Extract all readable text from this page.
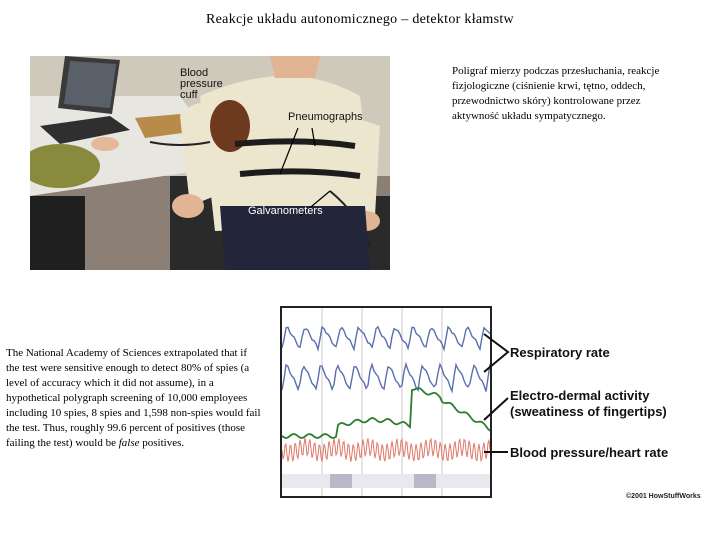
Reakcje układu autonomicznego – detektor kłamstw
Blood pressure cuff
Pneumographs
Galvanometers
Poligraf mierzy podczas przesłuchania, reakcje fizjologiczne (ciśnienie krwi, tętno, oddech, przewodnictwo skóry) kontrolowane przez aktywność układu sympatycznego.
The National Academy of Sciences extrapolated that if the test were sensitive enough to detect 80% of spies (a level of accuracy which it did not assume), in a hypothetical polygraph screening of 10,000 employees including 10 spies, 8 spies and 1,598 non-spies would fail the test. Thus, roughly 99.6 percent of positives (those failing the test) would be false positives.
Respiratory rate
Electro-dermal activity
(sweatiness of fingertips)
Blood pressure/heart rate
©2001 HowStuffWorks
